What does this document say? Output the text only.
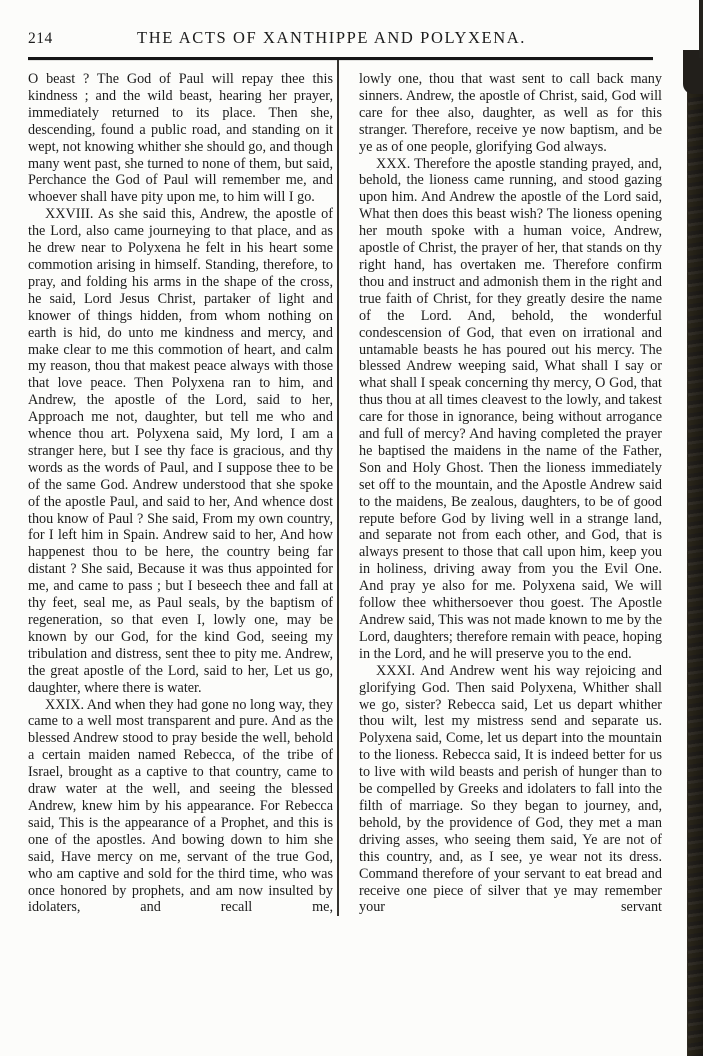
214	THE ACTS OF XANTHIPPE AND POLYXENA.

O beast ? The God of Paul will repay thee this kindness ; and the wild beast, hearing her prayer, immediately returned to its place. Then she, descending, found a public road, and standing on it wept, not knowing whither she should go, and though many went past, she turned to none of them, but said, Perchance the God of Paul will remember me, and whoever shall have pity upon me, to him will I go.

XXVIII. As she said this, Andrew, the apostle of the Lord, also came journeying to that place, and as he drew near to Polyxena he felt in his heart some commotion arising in himself. Standing, therefore, to pray, and folding his arms in the shape of the cross, he said, Lord Jesus Christ, partaker of light and knower of things hidden, from whom nothing on earth is hid, do unto me kindness and mercy, and make clear to me this commotion of heart, and calm my reason, thou that makest peace always with those that love peace. Then Polyxena ran to him, and Andrew, the apostle of the Lord, said to her, Approach me not, daughter, but tell me who and whence thou art. Polyxena said, My lord, I am a stranger here, but I see thy face is gracious, and thy words as the words of Paul, and I suppose thee to be of the same God. Andrew understood that she spoke of the apostle Paul, and said to her, And whence dost thou know of Paul ? She said, From my own country, for I left him in Spain. Andrew said to her, And how happenest thou to be here, the country being far distant ? She said, Because it was thus appointed for me, and came to pass ; but I beseech thee and fall at thy feet, seal me, as Paul seals, by the baptism of regeneration, so that even I, lowly one, may be known by our God, for the kind God, seeing my tribulation and distress, sent thee to pity me. Andrew, the great apostle of the Lord, said to her, Let us go, daughter, where there is water.

XXIX. And when they had gone no long way, they came to a well most transparent and pure. And as the blessed Andrew stood to pray beside the well, behold a certain maiden named Rebecca, of the tribe of Israel, brought as a captive to that country, came to draw water at the well, and seeing the blessed Andrew, knew him by his appearance. For Rebecca said, This is the appearance of a Prophet, and this is one of the apostles. And bowing down to him she said, Have mercy on me, servant of the true God, who am captive and sold for the third time, who was once honored by prophets, and am now insulted by idolaters, and recall me,

lowly one, thou that wast sent to call back many sinners. Andrew, the apostle of Christ, said, God will care for thee also, daughter, as well as for this stranger. Therefore, receive ye now baptism, and be ye as of one people, glorifying God always.

XXX. Therefore the apostle standing prayed, and, behold, the lioness came running, and stood gazing upon him. And Andrew the apostle of the Lord said, What then does this beast wish? The lioness opening her mouth spoke with a human voice, Andrew, apostle of Christ, the prayer of her, that stands on thy right hand, has overtaken me. Therefore confirm thou and instruct and admonish them in the right and true faith of Christ, for they greatly desire the name of the Lord. And, behold, the wonderful condescension of God, that even on irrational and untamable beasts he has poured out his mercy. The blessed Andrew weeping said, What shall I say or what shall I speak concerning thy mercy, O God, that thus thou at all times cleavest to the lowly, and takest care for those in ignorance, being without arrogance and full of mercy? And having completed the prayer he baptised the maidens in the name of the Father, Son and Holy Ghost. Then the lioness immediately set off to the mountain, and the Apostle Andrew said to the maidens, Be zealous, daughters, to be of good repute before God by living well in a strange land, and separate not from each other, and God, that is always present to those that call upon him, keep you in holiness, driving away from you the Evil One. And pray ye also for me. Polyxena said, We will follow thee whithersoever thou goest. The Apostle Andrew said, This was not made known to me by the Lord, daughters; therefore remain with peace, hoping in the Lord, and he will preserve you to the end.

XXXI. And Andrew went his way rejoicing and glorifying God. Then said Polyxena, Whither shall we go, sister? Rebecca said, Let us depart whither thou wilt, lest my mistress send and separate us. Polyxena said, Come, let us depart into the mountain to the lioness. Rebecca said, It is indeed better for us to live with wild beasts and perish of hunger than to be compelled by Greeks and idolaters to fall into the filth of marriage. So they began to journey, and, behold, by the providence of God, they met a man driving asses, who seeing them said, Ye are not of this country, and, as I see, ye wear not its dress. Command therefore of your servant to eat bread and receive one piece of silver that ye may remember your servant
